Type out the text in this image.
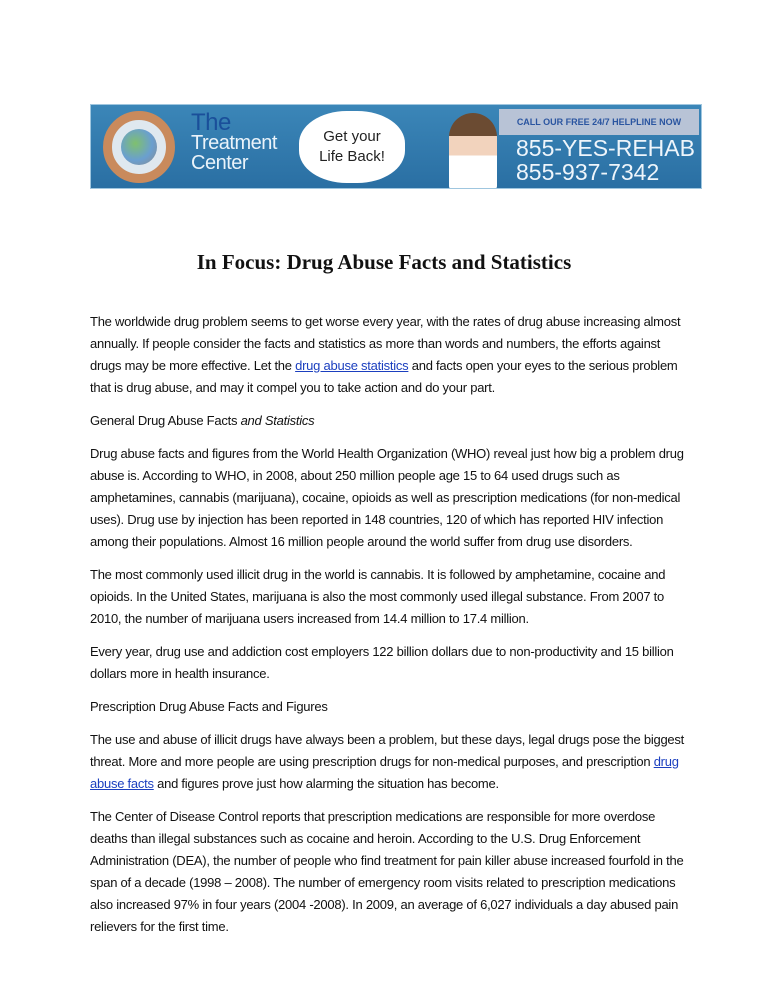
The
Treatment
Center
Get your
Life Back!
CALL OUR FREE 24/7 HELPLINE NOW
855-YES-REHAB
855-937-7342
In Focus: Drug Abuse Facts and Statistics

The worldwide drug problem seems to get worse every year, with the rates of drug abuse increasing almost annually. If people consider the facts and statistics as more than words and numbers, the efforts against drugs may be more effective. Let the drug abuse statistics and facts open your eyes to the serious problem that is drug abuse, and may it compel you to take action and do your part.

General Drug Abuse Facts and Statistics

Drug abuse facts and figures from the World Health Organization (WHO) reveal just how big a problem drug abuse is. According to WHO, in 2008, about 250 million people age 15 to 64 used drugs such as amphetamines, cannabis (marijuana), cocaine, opioids as well as prescription medications (for non-medical uses). Drug use by injection has been reported in 148 countries, 120 of which has reported HIV infection among their populations. Almost 16 million people around the world suffer from drug use disorders.

The most commonly used illicit drug in the world is cannabis. It is followed by amphetamine, cocaine and opioids. In the United States, marijuana is also the most commonly used illegal substance. From 2007 to 2010, the number of marijuana users increased from 14.4 million to 17.4 million.

Every year, drug use and addiction cost employers 122 billion dollars due to non-productivity and 15 billion dollars more in health insurance.

Prescription Drug Abuse Facts and Figures

The use and abuse of illicit drugs have always been a problem, but these days, legal drugs pose the biggest threat. More and more people are using prescription drugs for non-medical purposes, and prescription drug abuse facts and figures prove just how alarming the situation has become.

The Center of Disease Control reports that prescription medications are responsible for more overdose deaths than illegal substances such as cocaine and heroin. According to the U.S. Drug Enforcement Administration (DEA), the number of people who find treatment for pain killer abuse increased fourfold in the span of a decade (1998 – 2008). The number of emergency room visits related to prescription medications also increased 97% in four years (2004 -2008). In 2009, an average of 6,027 individuals a day abused pain relievers for the first time.
